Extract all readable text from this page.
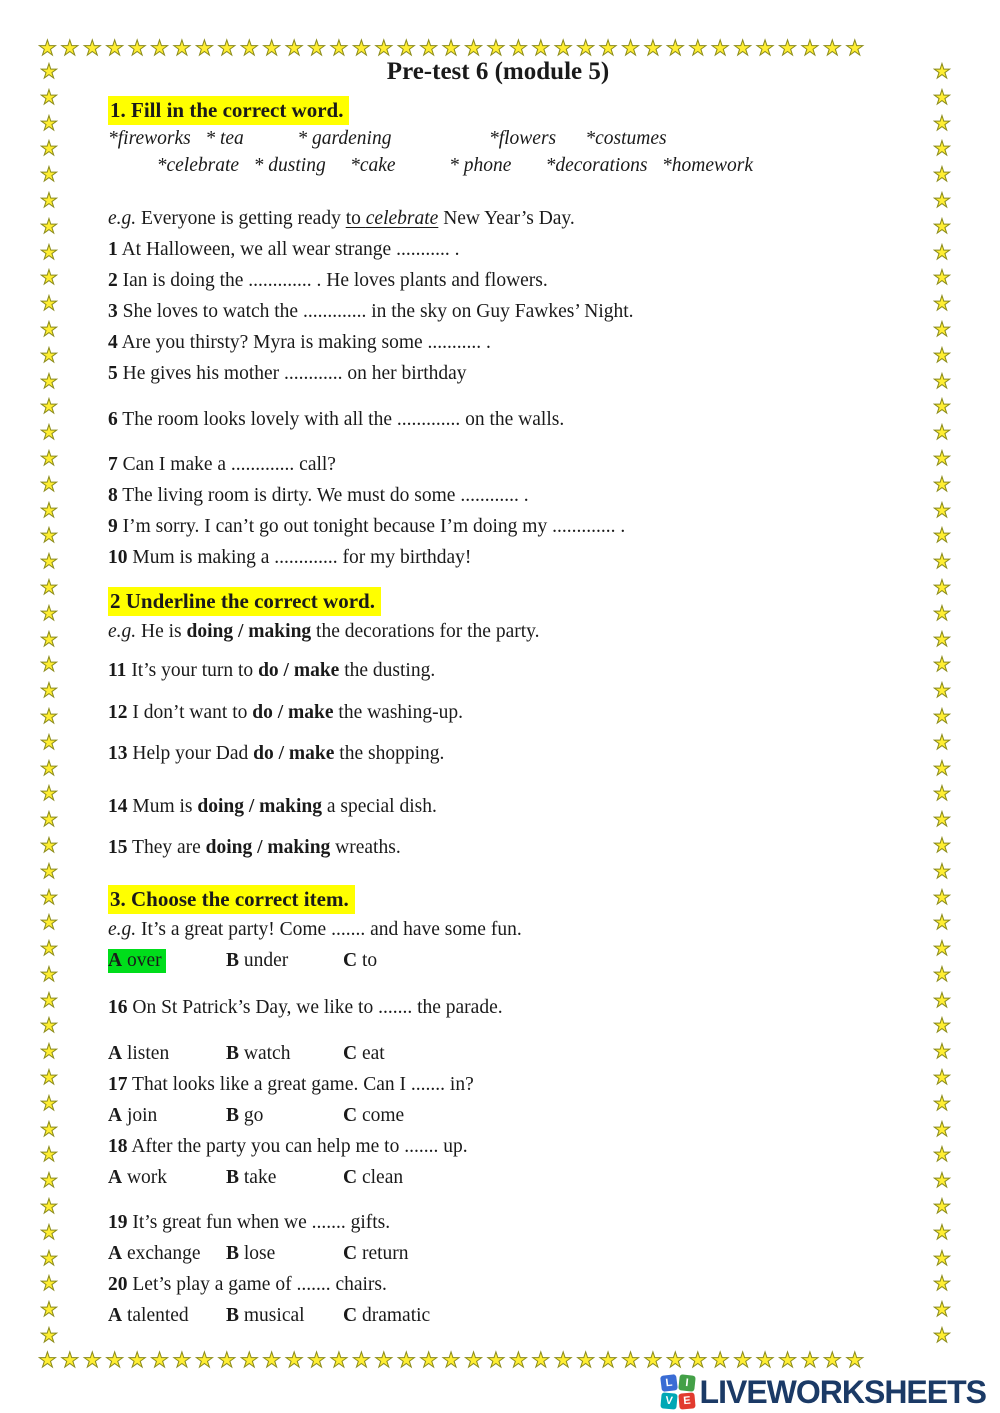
★★★★★★★★★★★★★★★★★★★★★★★★★★★★★★★★★★★★★
★★★★★★★★★★★★★★★★★★★★★★★★★★★★★★★★★★★★★★★★★★★★★★★★★★
★★★★★★★★★★★★★★★★★★★★★★★★★★★★★★★★★★★★★★★★★★★★★★★★★★
★★★★★★★★★★★★★★★★★★★★★★★★★★★★★★★★★★★★★
Pre-test 6 (module 5)
1. Fill in the correct word.
*fireworks   * tea           * gardening                    *flowers      *costumes
*celebrate   * dusting     *cake           * phone       *decorations   *homework
e.g. Everyone is getting ready to celebrate New Year’s Day.
1 At Halloween, we all wear strange ........... .
2 Ian is doing the ............. . He loves plants and flowers.
3 She loves to watch the ............. in the sky on Guy Fawkes’ Night.
4 Are you thirsty? Myra is making some ........... .
5 He gives his mother ............ on her birthday
6 The room looks lovely with all the ............. on the walls.
7 Can I make a ............. call?
8 The living room is dirty. We must do some ............ .
9 I’m sorry. I can’t go out tonight because I’m doing my ............. .
10 Mum is making a ............. for my birthday!
2 Underline the correct word.
e.g. He is doing / making the decorations for the party.
11 It’s your turn to do / make the dusting.
12 I don’t want to do / make the washing-up.
13 Help your Dad do / make the shopping.
14 Mum is doing / making a special dish.
15 They are doing / making wreaths.
3. Choose the correct item.
e.g. It’s a great party! Come ....... and have some fun.
A over	B under	C to
16 On St Patrick’s Day, we like to ....... the parade.
A listen	B watch	C eat
17 That looks like a great game. Can I ....... in?
A join	B go	C come
18 After the party you can help me to ....... up.
A work	B take	C clean
19 It’s great fun when we ....... gifts.
A exchange B lose	C return
20 Let’s play a game of ....... chairs.
A talented B musical C dramatic
L	I
V E LIVEWORKSHEETS
